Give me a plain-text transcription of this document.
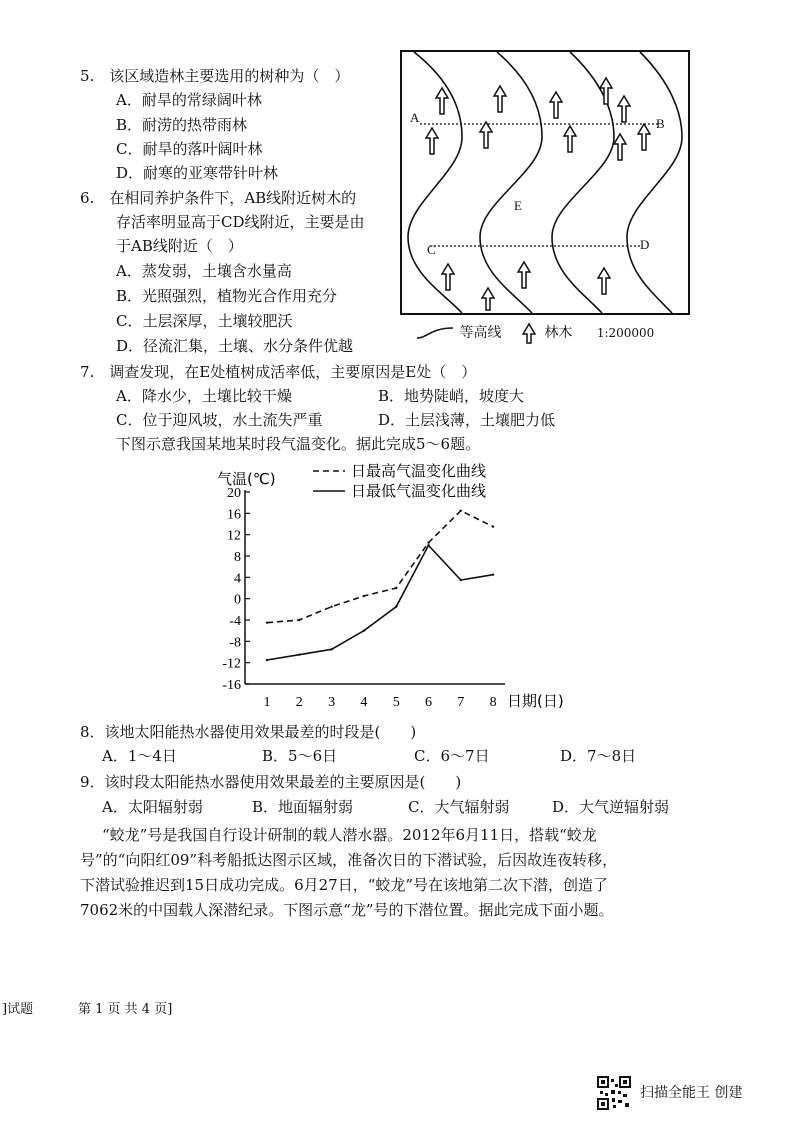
5.　该区域造林主要选用的树种为（　）
A．耐旱的常绿阔叶林
B．耐涝的热带雨林
C．耐旱的落叶阔叶林
D．耐寒的亚寒带针叶林
6.　在相同养护条件下，AB线附近树木的
存活率明显高于CD线附近，主要是由
于AB线附近（　）
A．蒸发弱，土壤含水量高
B．光照强烈，植物光合作用充分
C．土层深厚，土壤较肥沃
D．径流汇集，土壤、水分条件优越
A	B
C	D
E
等高线	林木 1:200000
7.　调查发现，在E处植树成活率低，主要原因是E处（　）
A．降水少，土壤比较干燥	B．地势陡峭，坡度大
C．位于迎风坡，水土流失严重	D．土层浅薄，土壤肥力低
下图示意我国某地某时段气温变化。据此完成5～6题。
20
16
12
8
4
0
-4
-8
-12
-16
1 2 3 4 5 6 7 8
气温(℃)
日期(日)
日最高气温变化曲线
日最低气温变化曲线
8．该地太阳能热水器使用效果最差的时段是(　　)
A．1～4日	B．5～6日	C．6～7日	D．7～8日
9．该时段太阳能热水器使用效果最差的主要原因是(　　)
A．太阳辐射弱	B．地面辐射弱	C．大气辐射弱	D．大气逆辐射弱
“蛟龙”号是我国自行设计研制的载人潜水器。2012年6月11日，搭载“蛟龙
号”的“向阳红09”科考船抵达图示区域，准备次日的下潜试验，后因故连夜转移，
下潜试验推迟到15日成功完成。6月27日，“蛟龙”号在该地第二次下潜，创造了
7062米的中国载人深潜纪录。下图示意“龙”号的下潜位置。据此完成下面小题。
]试题	第 1 页 共 4 页]
扫描全能王 创建
